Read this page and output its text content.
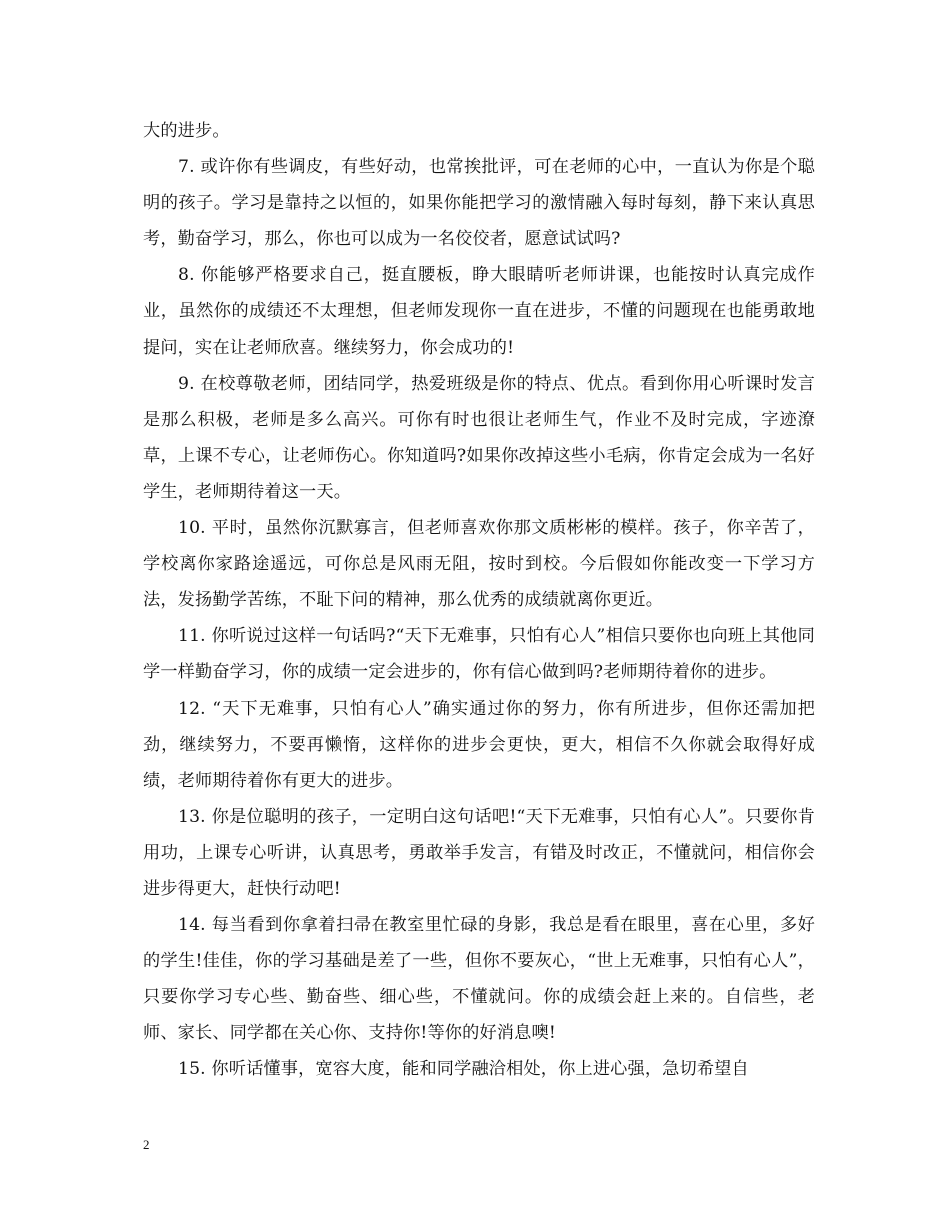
大的进步。

7. 或许你有些调皮，有些好动，也常挨批评，可在老师的心中，一直认为你是个聪明的孩子。学习是靠持之以恒的，如果你能把学习的激情融入每时每刻，静下来认真思考，勤奋学习，那么，你也可以成为一名佼佼者，愿意试试吗?

8. 你能够严格要求自己，挺直腰板，睁大眼睛听老师讲课，也能按时认真完成作业，虽然你的成绩还不太理想，但老师发现你一直在进步，不懂的问题现在也能勇敢地提问，实在让老师欣喜。继续努力，你会成功的!

9. 在校尊敬老师，团结同学，热爱班级是你的特点、优点。看到你用心听课时发言是那么积极，老师是多么高兴。可你有时也很让老师生气，作业不及时完成，字迹潦草，上课不专心，让老师伤心。你知道吗?如果你改掉这些小毛病，你肯定会成为一名好学生，老师期待着这一天。

10. 平时，虽然你沉默寡言，但老师喜欢你那文质彬彬的模样。孩子，你辛苦了，学校离你家路途遥远，可你总是风雨无阻，按时到校。今后假如你能改变一下学习方法，发扬勤学苦练，不耻下问的精神，那么优秀的成绩就离你更近。

11. 你听说过这样一句话吗?“天下无难事，只怕有心人”相信只要你也向班上其他同学一样勤奋学习，你的成绩一定会进步的，你有信心做到吗?老师期待着你的进步。

12. “天下无难事，只怕有心人”确实通过你的努力，你有所进步，但你还需加把劲，继续努力，不要再懒惰，这样你的进步会更快，更大，相信不久你就会取得好成绩，老师期待着你有更大的进步。

13. 你是位聪明的孩子，一定明白这句话吧!“天下无难事，只怕有心人”。只要你肯用功，上课专心听讲，认真思考，勇敢举手发言，有错及时改正，不懂就问，相信你会进步得更大，赶快行动吧!

14. 每当看到你拿着扫帚在教室里忙碌的身影，我总是看在眼里，喜在心里，多好的学生!佳佳，你的学习基础是差了一些，但你不要灰心，“世上无难事，只怕有心人”，只要你学习专心些、勤奋些、细心些，不懂就问。你的成绩会赶上来的。自信些，老师、家长、同学都在关心你、支持你!等你的好消息噢!

15. 你听话懂事，宽容大度，能和同学融洽相处，你上进心强，急切希望自

2
